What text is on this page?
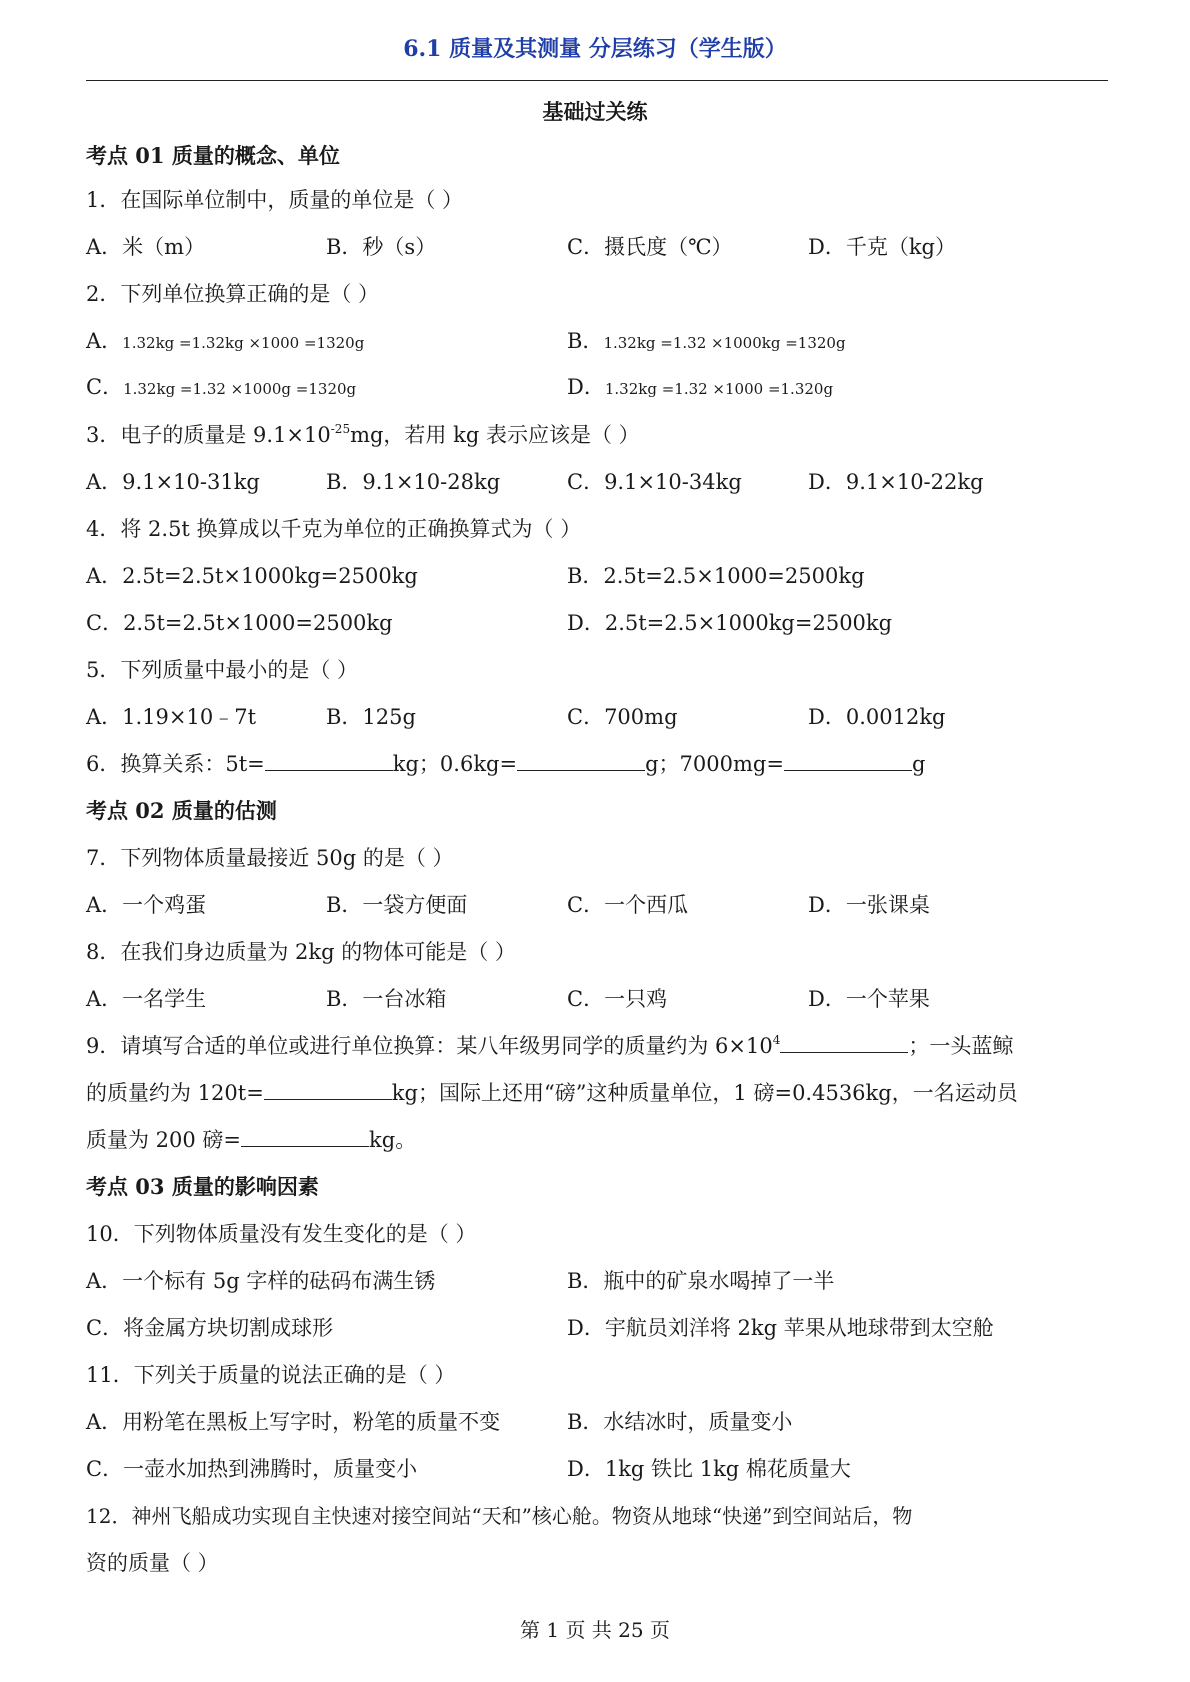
6.1 质量及其测量 分层练习（学生版）
基础过关练
考点 01 质量的概念、单位
1．在国际单位制中，质量的单位是（ ）
A．米（m）	B．秒（s）	C．摄氏度（℃）	D．千克（kg）
2．下列单位换算正确的是（ ）
A．1.32kg =1.32kg ×1000 =1320g	B．1.32kg =1.32 ×1000kg =1320g
C．1.32kg =1.32 ×1000g =1320g	D．1.32kg =1.32 ×1000 =1.320g
3．电子的质量是 $9.1\times 10^{-25}mg$，若用 kg 表示应该是（ ）
A．9.1×10-31kg	B．9.1×10-28kg	C．9.1×10-34kg	D．9.1×10-22kg
4．将 2.5t 换算成以千克为单位的正确换算式为（ ）
A．2.5t=2.5t×1000kg=2500kg	B．2.5t=2.5×1000=2500kg
C．2.5t=2.5t×1000=2500kg	D．2.5t=2.5×1000kg=2500kg
5．下列质量中最小的是（ ）
A．1.19×10﹣7t	B．125g	C．700mg	D．0.0012kg
6．换算关系：5t=	kg；0.6kg=	g；7000mg=	g
考点 02 质量的估测
7．下列物体质量最接近 50g 的是（ ）
A．一个鸡蛋	B．一袋方便面	C．一个西瓜	D．一张课桌
8．在我们身边质量为 2kg 的物体可能是（ ）
A．一名学生	B．一台冰箱	C．一只鸡	D．一个苹果
9．请填写合适的单位或进行单位换算：某八年级男同学的质量约为 $6\times 10^4$	；一头蓝鲸
的质量约为 120t=	kg；国际上还用“磅”这种质量单位，1 磅=0.4536kg，一名运动员
质量为 200 磅=	kg。
考点 03 质量的影响因素
10．下列物体质量没有发生变化的是（ ）
A．一个标有 5g 字样的砝码布满生锈	B．瓶中的矿泉水喝掉了一半
C．将金属方块切割成球形	D．宇航员刘洋将 2kg 苹果从地球带到太空舱
11．下列关于质量的说法正确的是（ ）
A．用粉笔在黑板上写字时，粉笔的质量不变	B．水结冰时，质量变小
C．一壶水加热到沸腾时，质量变小	D．1kg 铁比 1kg 棉花质量大
12．神州飞船成功实现自主快速对接空间站“天和”核心舱。物资从地球“快递”到空间站后，物
资的质量（ ）
第 1 页 共 25 页
